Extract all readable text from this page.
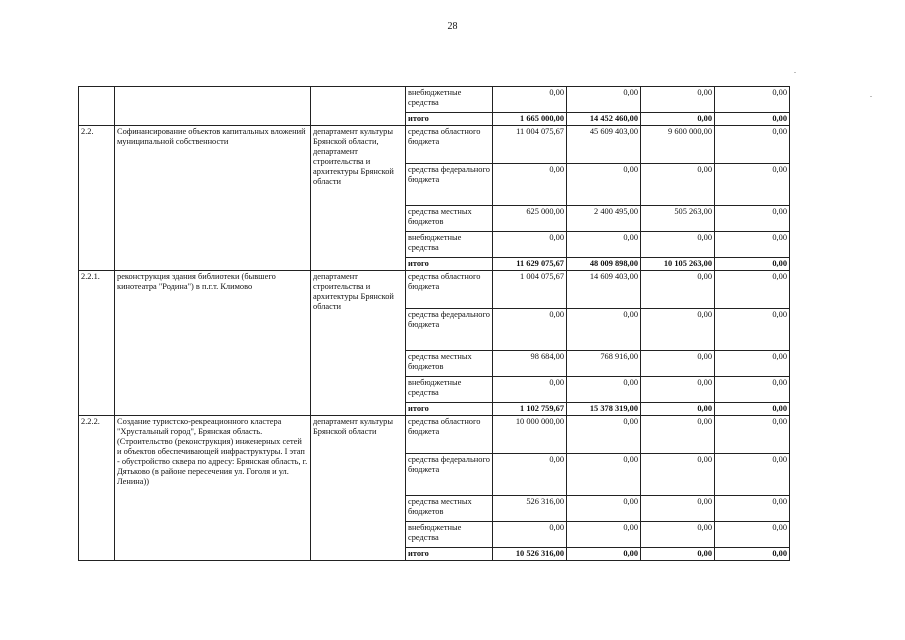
28
			внебюджетные средства	0,00	0,00	0,00	0,00
			итого	1 665 000,00	14 452 460,00	0,00	0,00
2.2.	Софинансирование объектов капитальных вложений муниципальной собственности	департамент культуры Брянской области, департамент строительства и архитектуры Брянской области	средства областного бюджета	11 004 075,67	45 609 403,00	9 600 000,00	0,00
			средства федерального бюджета	0,00	0,00	0,00	0,00
			средства местных бюджетов	625 000,00	2 400 495,00	505 263,00	0,00
			внебюджетные средства	0,00	0,00	0,00	0,00
			итого	11 629 075,67	48 009 898,00	10 105 263,00	0,00
2.2.1.	реконструкция здания библиотеки (бывшего кинотеатра "Родина") в п.г.т. Климово	департамент строительства и архитектуры Брянской области	средства областного бюджета	1 004 075,67	14 609 403,00	0,00	0,00
			средства федерального бюджета	0,00	0,00	0,00	0,00
			средства местных бюджетов	98 684,00	768 916,00	0,00	0,00
			внебюджетные средства	0,00	0,00	0,00	0,00
			итого	1 102 759,67	15 378 319,00	0,00	0,00
2.2.2.	Создание туристско-рекреационного кластера "Хрустальный город", Брянская область. (Строительство (реконструкция) инженерных сетей и объектов обеспечивающей инфраструктуры. I этап - обустройство сквера по адресу: Брянская область, г. Дятьково (в районе пересечения ул. Гоголя и ул. Ленина))	департамент культуры Брянской области	средства областного бюджета	10 000 000,00	0,00	0,00	0,00
			средства федерального бюджета	0,00	0,00	0,00	0,00
			средства местных бюджетов	526 316,00	0,00	0,00	0,00
			внебюджетные средства	0,00	0,00	0,00	0,00
			итого	10 526 316,00	0,00	0,00	0,00
.
.
